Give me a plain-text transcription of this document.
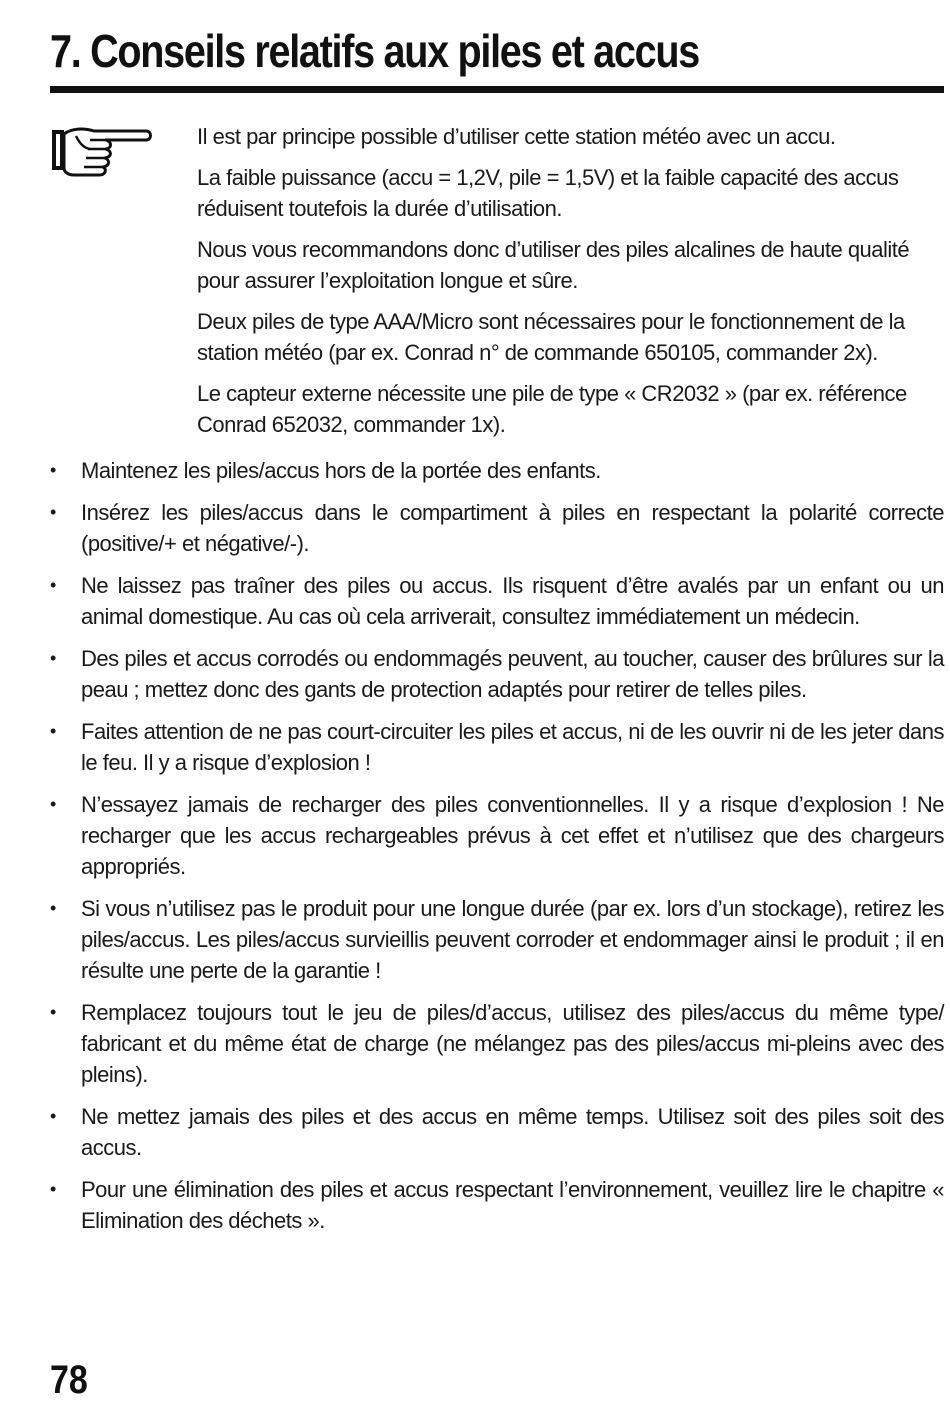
7. Conseils relatifs aux piles et accus

Il est par principe possible d’utiliser cette station météo avec un accu.

La faible puissance (accu = 1,2V, pile = 1,5V) et la faible capacité des accus réduisent toutefois la durée d’utilisation.

Nous vous recommandons donc d’utiliser des piles alcalines de haute qualité pour assurer l’exploitation longue et sûre.

Deux piles de type AAA/Micro sont nécessaires pour le fonctionnement de la station météo (par ex. Conrad n° de commande 650105, commander 2x).

Le capteur externe nécessite une pile de type « CR2032 » (par ex. référence Conrad 652032, commander 1x).

• Maintenez les piles/accus hors de la portée des enfants.
• Insérez les piles/accus dans le compartiment à piles en respectant la polarité correcte (positive/+ et négative/-).
• Ne laissez pas traîner des piles ou accus. Ils risquent d’être avalés par un enfant ou un animal domestique. Au cas où cela arriverait, consultez immédiatement un médecin.
• Des piles et accus corrodés ou endommagés peuvent, au toucher, causer des brûlures sur la peau ; mettez donc des gants de protection adaptés pour retirer de telles piles.
• Faites attention de ne pas court-circuiter les piles et accus, ni de les ouvrir ni de les jeter dans le feu. Il y a risque d’explosion !
• N’essayez jamais de recharger des piles conventionnelles. Il y a risque d’explosion ! Ne recharger que les accus rechargeables prévus à cet effet et n’utilisez que des chargeurs appropriés.
• Si vous n’utilisez pas le produit pour une longue durée (par ex. lors d’un stockage), retirez les piles/accus. Les piles/accus survieillis peuvent corroder et endommager ainsi le produit ; il en résulte une perte de la garantie !
• Remplacez toujours tout le jeu de piles/d’accus, utilisez des piles/accus du même type/ fabricant et du même état de charge (ne mélangez pas des piles/accus mi-pleins avec des pleins).
• Ne mettez jamais des piles et des accus en même temps. Utilisez soit des piles soit des accus.
• Pour une élimination des piles et accus respectant l’environnement, veuillez lire le chapitre « Elimination des déchets ».
78
